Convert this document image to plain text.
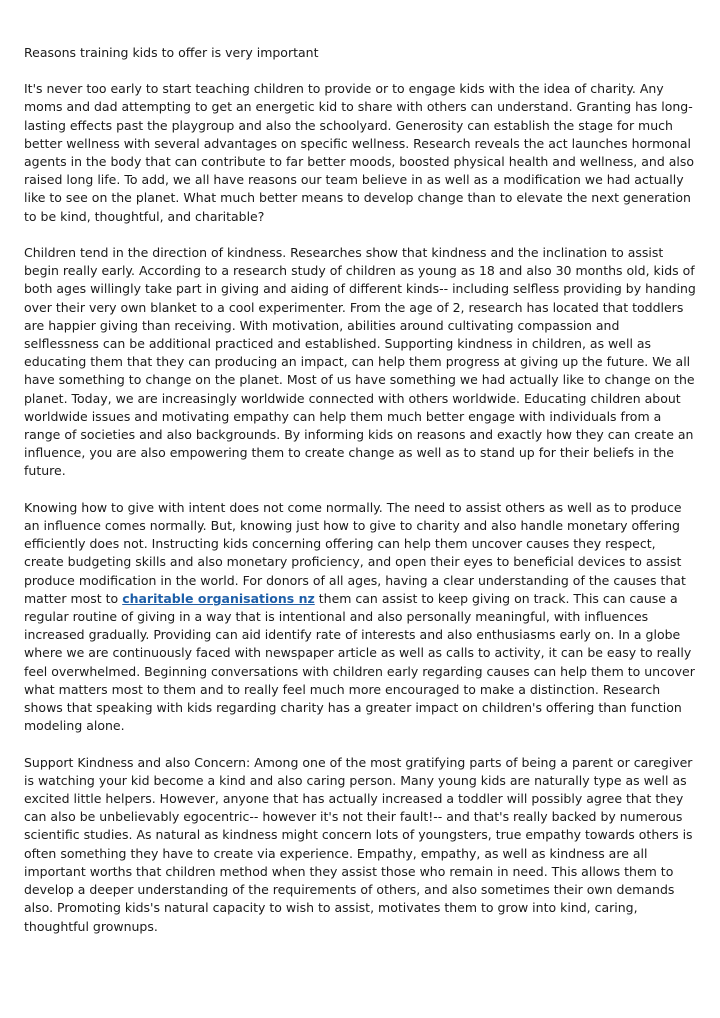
Reasons training kids to offer is very important

It's never too early to start teaching children to provide or to engage kids with the idea of charity. Any moms and dad attempting to get an energetic kid to share with others can understand. Granting has long-lasting effects past the playgroup and also the schoolyard. Generosity can establish the stage for much better wellness with several advantages on specific wellness. Research reveals the act launches hormonal agents in the body that can contribute to far better moods, boosted physical health and wellness, and also raised long life. To add, we all have reasons our team believe in as well as a modification we had actually like to see on the planet. What much better means to develop change than to elevate the next generation to be kind, thoughtful, and charitable?

Children tend in the direction of kindness. Researches show that kindness and the inclination to assist begin really early. According to a research study of children as young as 18 and also 30 months old, kids of both ages willingly take part in giving and aiding of different kinds-- including selfless providing by handing over their very own blanket to a cool experimenter. From the age of 2, research has located that toddlers are happier giving than receiving. With motivation, abilities around cultivating compassion and selflessness can be additional practiced and established. Supporting kindness in children, as well as educating them that they can producing an impact, can help them progress at giving up the future. We all have something to change on the planet. Most of us have something we had actually like to change on the planet. Today, we are increasingly worldwide connected with others worldwide. Educating children about worldwide issues and motivating empathy can help them much better engage with individuals from a range of societies and also backgrounds. By informing kids on reasons and exactly how they can create an influence, you are also empowering them to create change as well as to stand up for their beliefs in the future.

Knowing how to give with intent does not come normally. The need to assist others as well as to produce an influence comes normally. But, knowing just how to give to charity and also handle monetary offering efficiently does not. Instructing kids concerning offering can help them uncover causes they respect, create budgeting skills and also monetary proficiency, and open their eyes to beneficial devices to assist produce modification in the world. For donors of all ages, having a clear understanding of the causes that matter most to charitable organisations nz them can assist to keep giving on track. This can cause a regular routine of giving in a way that is intentional and also personally meaningful, with influences increased gradually. Providing can aid identify rate of interests and also enthusiasms early on. In a globe where we are continuously faced with newspaper article as well as calls to activity, it can be easy to really feel overwhelmed. Beginning conversations with children early regarding causes can help them to uncover what matters most to them and to really feel much more encouraged to make a distinction. Research shows that speaking with kids regarding charity has a greater impact on children's offering than function modeling alone.

Support Kindness and also Concern: Among one of the most gratifying parts of being a parent or caregiver is watching your kid become a kind and also caring person. Many young kids are naturally type as well as excited little helpers. However, anyone that has actually increased a toddler will possibly agree that they can also be unbelievably egocentric-- however it's not their fault!-- and that's really backed by numerous scientific studies. As natural as kindness might concern lots of youngsters, true empathy towards others is often something they have to create via experience. Empathy, empathy, as well as kindness are all important worths that children method when they assist those who remain in need. This allows them to develop a deeper understanding of the requirements of others, and also sometimes their own demands also. Promoting kids's natural capacity to wish to assist, motivates them to grow into kind, caring, thoughtful grownups.
